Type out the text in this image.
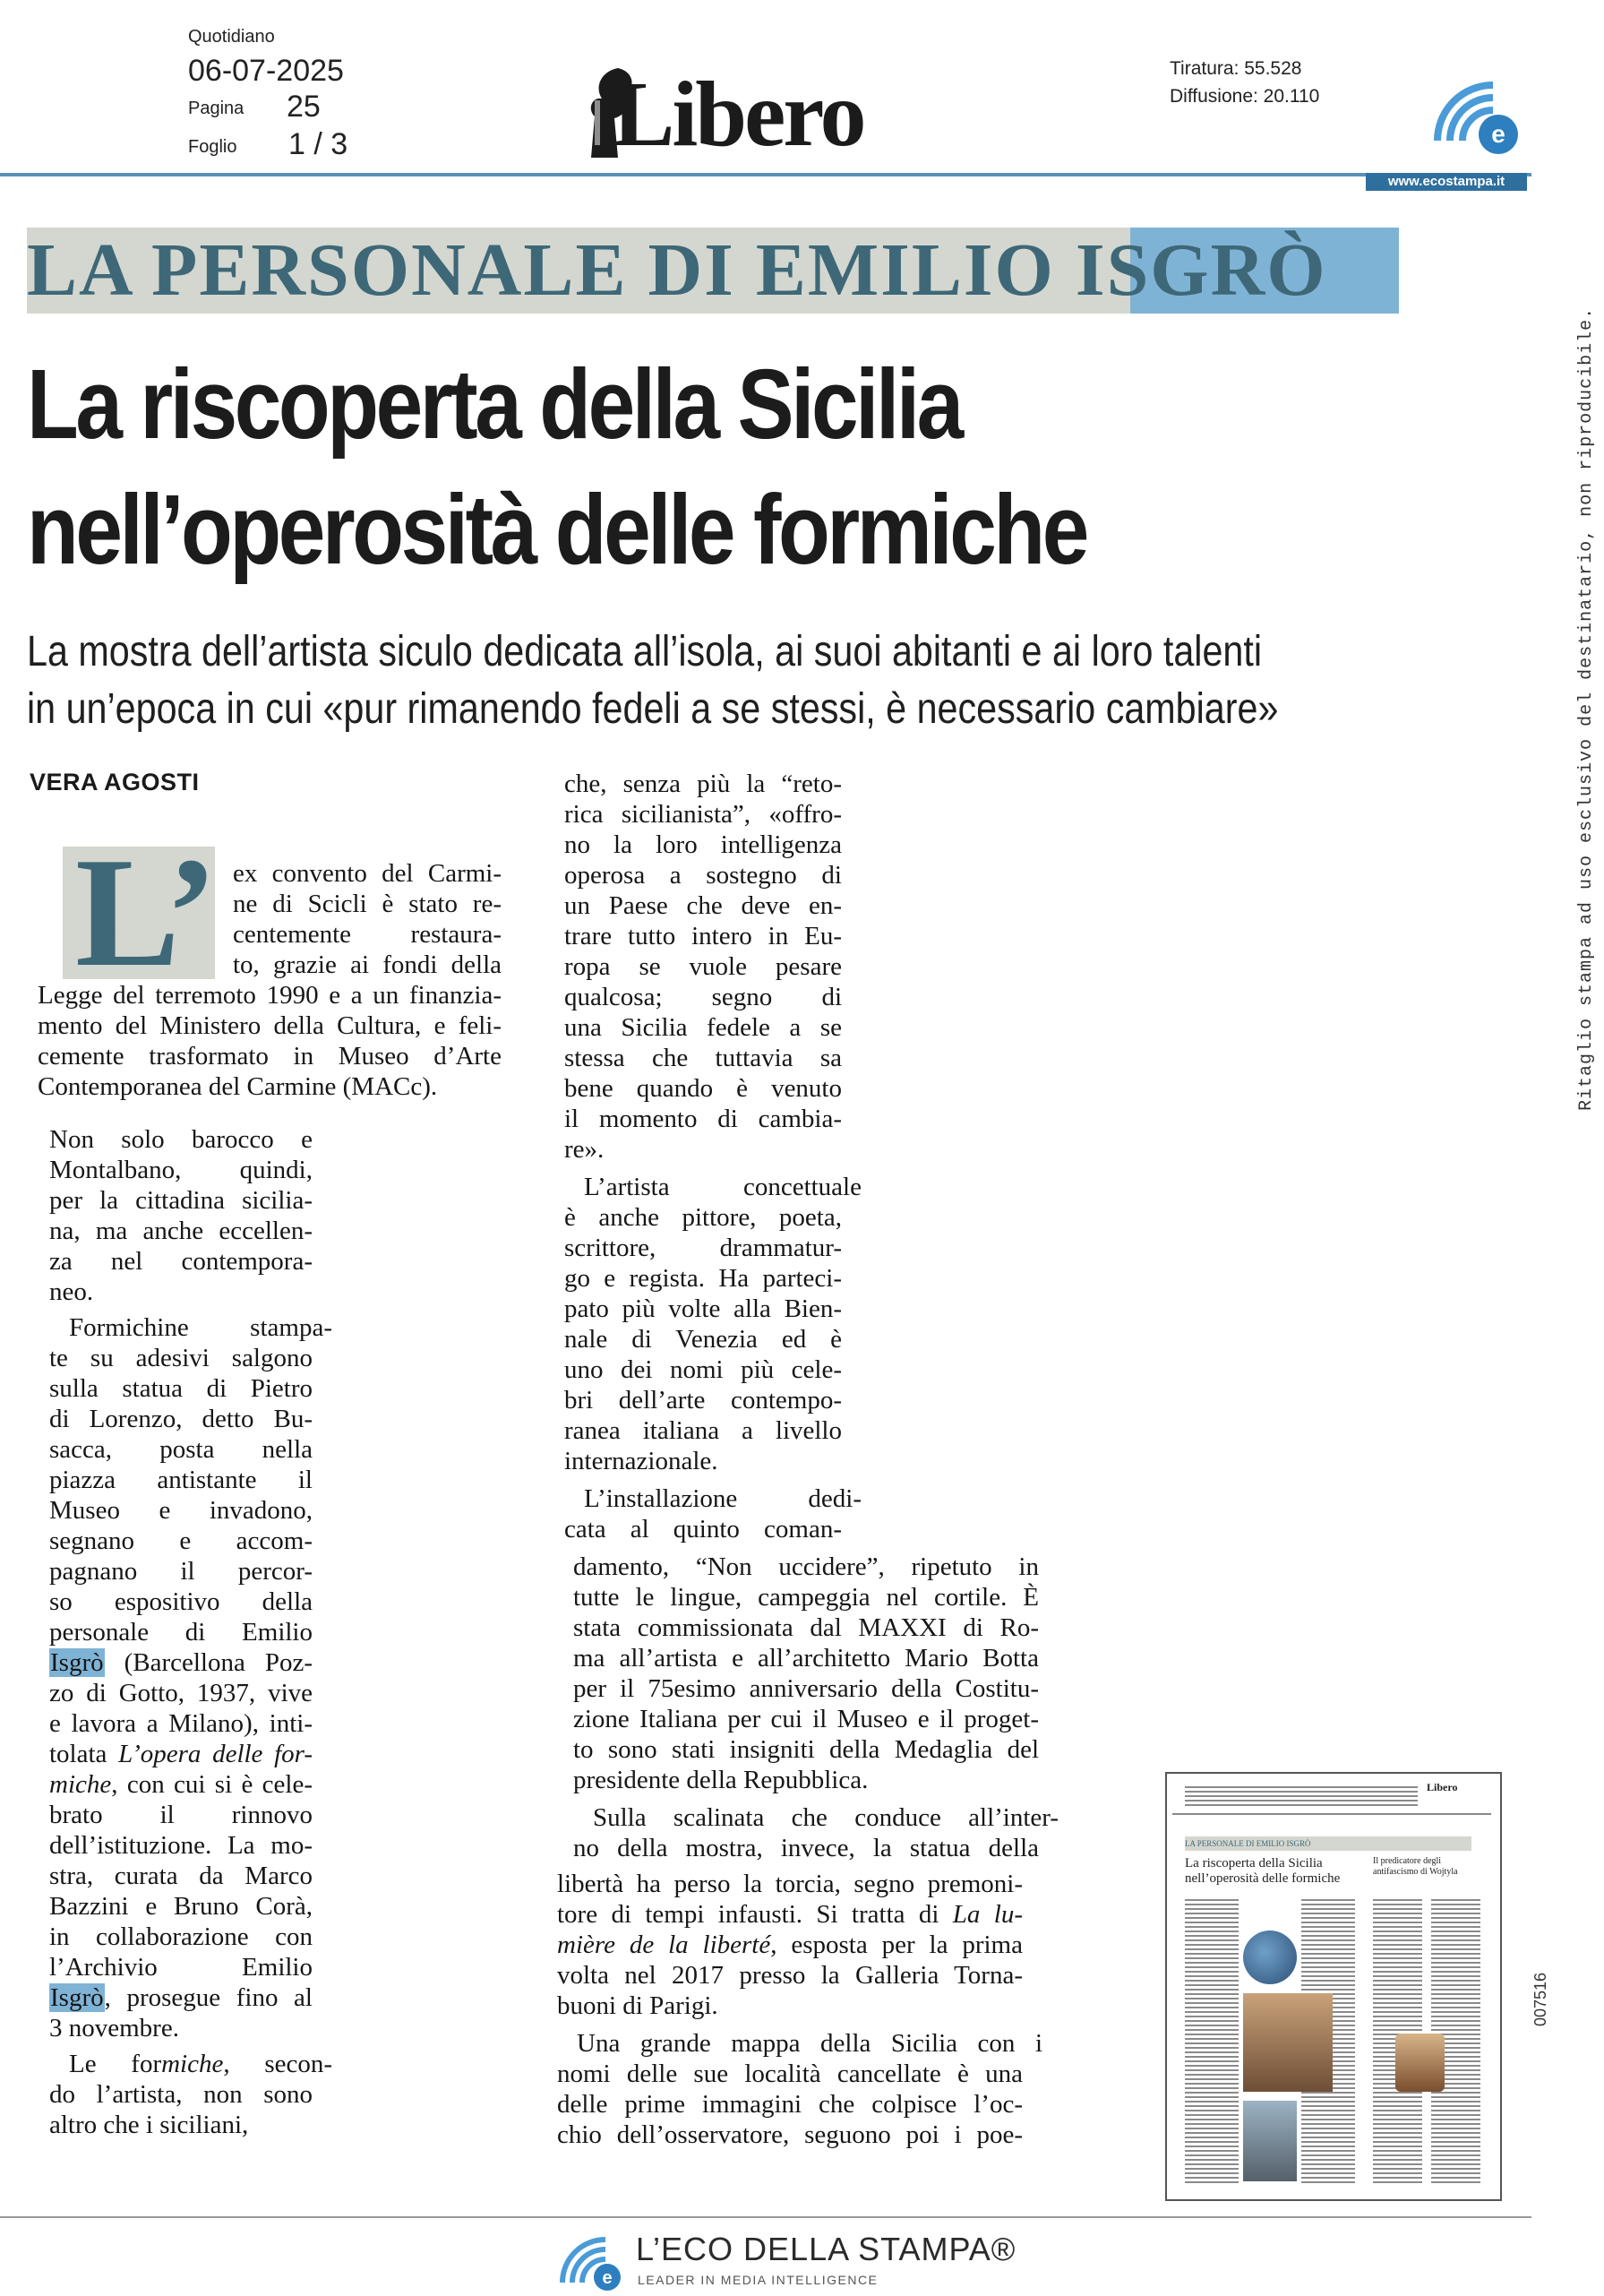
Quotidiano
06-07-2025
Pagina 25
Foglio 1 / 3	Libero	Tiratura: 55.528
Diffusione: 20.110
e
www.ecostampa.it
LA PERSONALE DI EMILIO ISGRÒ
La riscoperta della Sicilia
nell’operosità delle formiche
La mostra dell’artista siculo dedicata all’isola, ai suoi abitanti e ai loro talenti
in un’epoca in cui «pur rimanendo fedeli a se stessi, è necessario cambiare»
VERA AGOSTI
L’ ex convento del Carmi-
ne di Scicli è stato re-
centemente restaura-
to, grazie ai fondi della
Legge del terremoto 1990 e a un finanzia-
mento del Ministero della Cultura, e feli-
cemente trasformato in Museo d’Arte
Contemporanea del Carmine (MACc).
Non solo barocco e
Montalbano, quindi,
per la cittadina sicilia-
na, ma anche eccellen-
za nel contempora-
neo.
Formichine stampa-
te su adesivi salgono
sulla statua di Pietro
di Lorenzo, detto Bu-
sacca, posta nella
piazza antistante il
Museo e invadono,
segnano e accom-
pagnano il percor-
so espositivo della
personale di Emilio
Isgrò (Barcellona Poz-
zo di Gotto, 1937, vive
e lavora a Milano), inti-
tolata L’opera delle for-
miche, con cui si è cele-
brato il rinnovo
dell’istituzione. La mo-
stra, curata da Marco
Bazzini e Bruno Corà,
in collaborazione con
l’Archivio Emilio
Isgrò, prosegue fino al
3 novembre.
Le formiche, secon-
do l’artista, non sono
altro che i siciliani,
che, senza più la “reto-
rica sicilianista”, «offro-
no la loro intelligenza
operosa a sostegno di
un Paese che deve en-
trare tutto intero in Eu-
ropa se vuole pesare
qualcosa; segno di
una Sicilia fedele a se
stessa che tuttavia sa
bene quando è venuto
il momento di cambia-
re».
L’artista concettuale
è anche pittore, poeta,
scrittore, drammatur-
go e regista. Ha parteci-
pato più volte alla Bien-
nale di Venezia ed è
uno dei nomi più cele-
bri dell’arte contempo-
ranea italiana a livello
internazionale.
L’installazione dedi-
cata al quinto coman-
damento, “Non uccidere”, ripetuto in
tutte le lingue, campeggia nel cortile. È
stata commissionata dal MAXXI di Ro-
ma all’artista e all’architetto Mario Botta
per il 75esimo anniversario della Costitu-
zione Italiana per cui il Museo e il proget-
to sono stati insigniti della Medaglia del
presidente della Repubblica.
Sulla scalinata che conduce all’inter-
no della mostra, invece, la statua della
libertà ha perso la torcia, segno premoni-
tore di tempi infausti. Si tratta di La lu-
mière de la liberté, esposta per la prima
volta nel 2017 presso la Galleria Torna-
buoni di Parigi.
Una grande mappa della Sicilia con i
nomi delle sue località cancellate è una
delle prime immagini che colpisce l’oc-
chio dell’osservatore, seguono poi i poe-
Libero
LA PERSONALE DI EMILIO ISGRÒ
La riscoperta della Sicilia
nell’operosità delle formiche
Il predicatore degli antifascismo di Wojtyla
Ritaglio stampa ad uso esclusivo del destinatario, non riproducibile.
007516
e
L’ECO DELLA STAMPA®
LEADER IN MEDIA INTELLIGENCE
